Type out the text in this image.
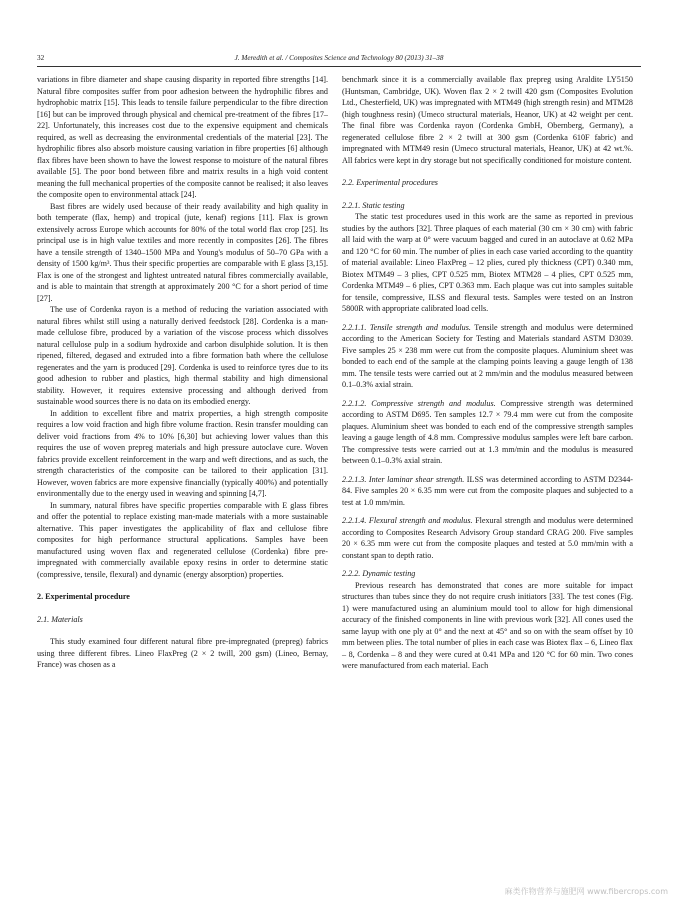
32	J. Meredith et al. / Composites Science and Technology 80 (2013) 31–38

variations in fibre diameter and shape causing disparity in reported fibre strengths [14]. Natural fibre composites suffer from poor adhesion between the hydrophilic fibres and hydrophobic matrix [15]. This leads to tensile failure perpendicular to the fibre direction [16] but can be improved through physical and chemical pre-treatment of the fibres [17–22]. Unfortunately, this increases cost due to the expensive equipment and chemicals required, as well as decreasing the environmental credentials of the material [23]. The hydrophilic fibres also absorb moisture causing variation in fibre properties [6] although flax fibres have been shown to have the lowest response to moisture of the natural fibres available [5]. The poor bond between fibre and matrix results in a high void content meaning the full mechanical properties of the composite cannot be realised; it also leaves the composite open to environmental attack [24].

Bast fibres are widely used because of their ready availability and high quality in both temperate (flax, hemp) and tropical (jute, kenaf) regions [11]. Flax is grown extensively across Europe which accounts for 80% of the total world flax crop [25]. Its principal use is in high value textiles and more recently in composites [26]. The fibres have a tensile strength of 1340–1500 MPa and Young's modulus of 50–70 GPa with a density of 1500 kg/m³. Thus their specific properties are comparable with E glass [3,15]. Flax is one of the strongest and lightest untreated natural fibres commercially available, and is able to maintain that strength at approximately 200 °C for a short period of time [27].

The use of Cordenka rayon is a method of reducing the variation associated with natural fibres whilst still using a naturally derived feedstock [28]. Cordenka is a man-made cellulose fibre, produced by a variation of the viscose process which dissolves natural cellulose pulp in a sodium hydroxide and carbon disulphide solution. It is then ripened, filtered, degased and extruded into a fibre formation bath where the cellulose regenerates and the yarn is produced [29]. Cordenka is used to reinforce tyres due to its good adhesion to rubber and plastics, high thermal stability and high dimensional stability. However, it requires extensive processing and although derived from sustainable wood sources there is no data on its embodied energy.

In addition to excellent fibre and matrix properties, a high strength composite requires a low void fraction and high fibre volume fraction. Resin transfer moulding can deliver void fractions from 4% to 10% [6,30] but achieving lower values than this requires the use of woven prepreg materials and high pressure autoclave cure. Woven fabrics provide excellent reinforcement in the warp and weft directions, and as such, the strength characteristics of the composite can be tailored to their application [31]. However, woven fabrics are more expensive financially (typically 400%) and potentially environmentally due to the energy used in weaving and spinning [4,7].

In summary, natural fibres have specific properties comparable with E glass fibres and offer the potential to replace existing man-made materials with a more sustainable alternative. This paper investigates the applicability of flax and cellulose fibre composites for high performance structural applications. Samples have been manufactured using woven flax and regenerated cellulose (Cordenka) fibre pre-impregnated with commercially available epoxy resins in order to determine static (compressive, tensile, flexural) and dynamic (energy absorption) properties.

2. Experimental procedure

2.1. Materials

This study examined four different natural fibre pre-impregnated (prepreg) fabrics using three different fibres. Lineo FlaxPreg (2 × 2 twill, 200 gsm) (Lineo, Bernay, France) was chosen as a

benchmark since it is a commercially available flax prepreg using Araldite LY5150 (Huntsman, Cambridge, UK). Woven flax 2 × 2 twill 420 gsm (Composites Evolution Ltd., Chesterfield, UK) was impregnated with MTM49 (high strength resin) and MTM28 (high toughness resin) (Umeco structural materials, Heanor, UK) at 42 weight per cent. The final fibre was Cordenka rayon (Cordenka GmbH, Obernberg, Germany), a regenerated cellulose fibre 2 × 2 twill at 300 gsm (Cordenka 610F fabric) and impregnated with MTM49 resin (Umeco structural materials, Heanor, UK) at 42 wt.%. All fabrics were kept in dry storage but not specifically conditioned for moisture content.

2.2. Experimental procedures

2.2.1. Static testing

The static test procedures used in this work are the same as reported in previous studies by the authors [32]. Three plaques of each material (30 cm × 30 cm) with fabric all laid with the warp at 0° were vacuum bagged and cured in an autoclave at 0.62 MPa and 120 °C for 60 min. The number of plies in each case varied according to the quantity of material available: Lineo FlaxPreg – 12 plies, cured ply thickness (CPT) 0.340 mm, Biotex MTM49 – 3 plies, CPT 0.525 mm, Biotex MTM28 – 4 plies, CPT 0.525 mm, Cordenka MTM49 – 6 plies, CPT 0.363 mm. Each plaque was cut into samples suitable for tensile, compressive, ILSS and flexural tests. Samples were tested on an Instron 5800R with appropriate calibrated load cells.

2.2.1.1. Tensile strength and modulus. Tensile strength and modulus were determined according to the American Society for Testing and Materials standard ASTM D3039. Five samples 25 × 238 mm were cut from the composite plaques. Aluminium sheet was bonded to each end of the sample at the clamping points leaving a gauge length of 138 mm. The tensile tests were carried out at 2 mm/min and the modulus measured between 0.1–0.3% axial strain.

2.2.1.2. Compressive strength and modulus. Compressive strength was determined according to ASTM D695. Ten samples 12.7 × 79.4 mm were cut from the composite plaques. Aluminium sheet was bonded to each end of the compressive strength samples leaving a gauge length of 4.8 mm. Compressive modulus samples were left bare carbon. The compressive tests were carried out at 1.3 mm/min and the modulus is measured between 0.1–0.3% axial strain.

2.2.1.3. Inter laminar shear strength. ILSS was determined according to ASTM D2344-84. Five samples 20 × 6.35 mm were cut from the composite plaques and subjected to a test at 1.0 mm/min.

2.2.1.4. Flexural strength and modulus. Flexural strength and modulus were determined according to Composites Research Advisory Group standard CRAG 200. Five samples 20 × 6.35 mm were cut from the composite plaques and tested at 5.0 mm/min with a constant span to depth ratio.

2.2.2. Dynamic testing

Previous research has demonstrated that cones are more suitable for impact structures than tubes since they do not require crush initiators [33]. The test cones (Fig. 1) were manufactured using an aluminium mould tool to allow for high dimensional accuracy of the finished components in line with previous work [32]. All cones used the same layup with one ply at 0° and the next at 45° and so on with the seam offset by 10 mm between plies. The total number of plies in each case was Biotex flax – 6, Lineo flax – 8, Cordenka – 8 and they were cured at 0.41 MPa and 120 °C for 60 min. Two cones were manufactured from each material. Each

麻类作物营养与施肥网 www.fibercrops.com
